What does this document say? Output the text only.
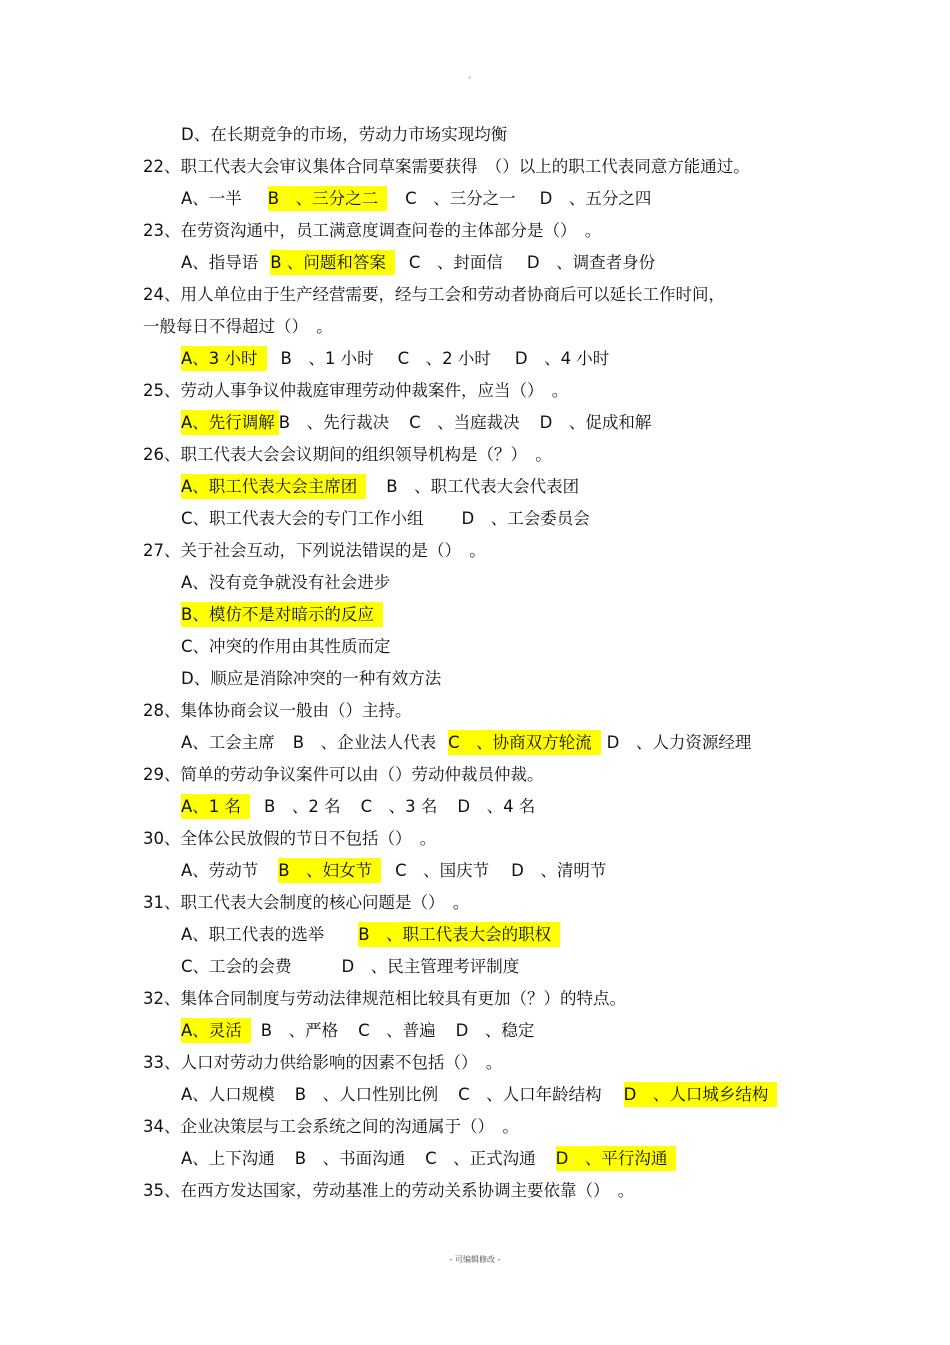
。
D、在长期竞争的市场，劳动力市场实现均衡
22、职工代表大会审议集体合同草案需要获得　（）以上的职工代表同意方能通过。
A、一半 B　、三分之二 C　、三分之一 D　、五分之四
23、在劳资沟通中，员工满意度调查问卷的主体部分是（）　。
A、指导语 B 、问题和答案 C　、封面信 D　、调查者身份
24、用人单位由于生产经营需要，经与工会和劳动者协商后可以延长工作时间，
一般每日不得超过（）　。
A、3 小时 B　、1 小时 C　、2 小时 D　、4 小时
25、劳动人事争议仲裁庭审理劳动仲裁案件，应当（）　。
A、先行调解 B　、先行裁决 C　、当庭裁决 D　、促成和解
26、职工代表大会会议期间的组织领导机构是（？）　。
A、职工代表大会主席团 B　、职工代表大会代表团
C、职工代表大会的专门工作小组 D　、工会委员会
27、关于社会互动，下列说法错误的是（）　。
A、没有竞争就没有社会进步
B、模仿不是对暗示的反应
C、冲突的作用由其性质而定
D、顺应是消除冲突的一种有效方法
28、集体协商会议一般由（）主持。
A、工会主席 B　、企业法人代表 C　、协商双方轮流 D　、人力资源经理
29、简单的劳动争议案件可以由（）劳动仲裁员仲裁。
A、1 名 B　、2 名 C　、3 名 D　、4 名
30、全体公民放假的节日不包括（）　。
A、劳动节 B　、妇女节 C　、国庆节 D　、清明节
31、职工代表大会制度的核心问题是（）　。
A、职工代表的选举 B　、职工代表大会的职权
C、工会的会费	D　、民主管理考评制度
32、集体合同制度与劳动法律规范相比较具有更加（？）的特点。
A、灵活 B　、严格 C　、普遍 D　、稳定
33、人口对劳动力供给影响的因素不包括（）　。
A、人口规模 B　、人口性别比例 C　、人口年龄结构 D　、人口城乡结构
34、企业决策层与工会系统之间的沟通属于（）　。
A、上下沟通 B　、书面沟通 C　、正式沟通 D　、平行沟通
35、在西方发达国家，劳动基准上的劳动关系协调主要依靠（）　。
- 可编辑修改 -
